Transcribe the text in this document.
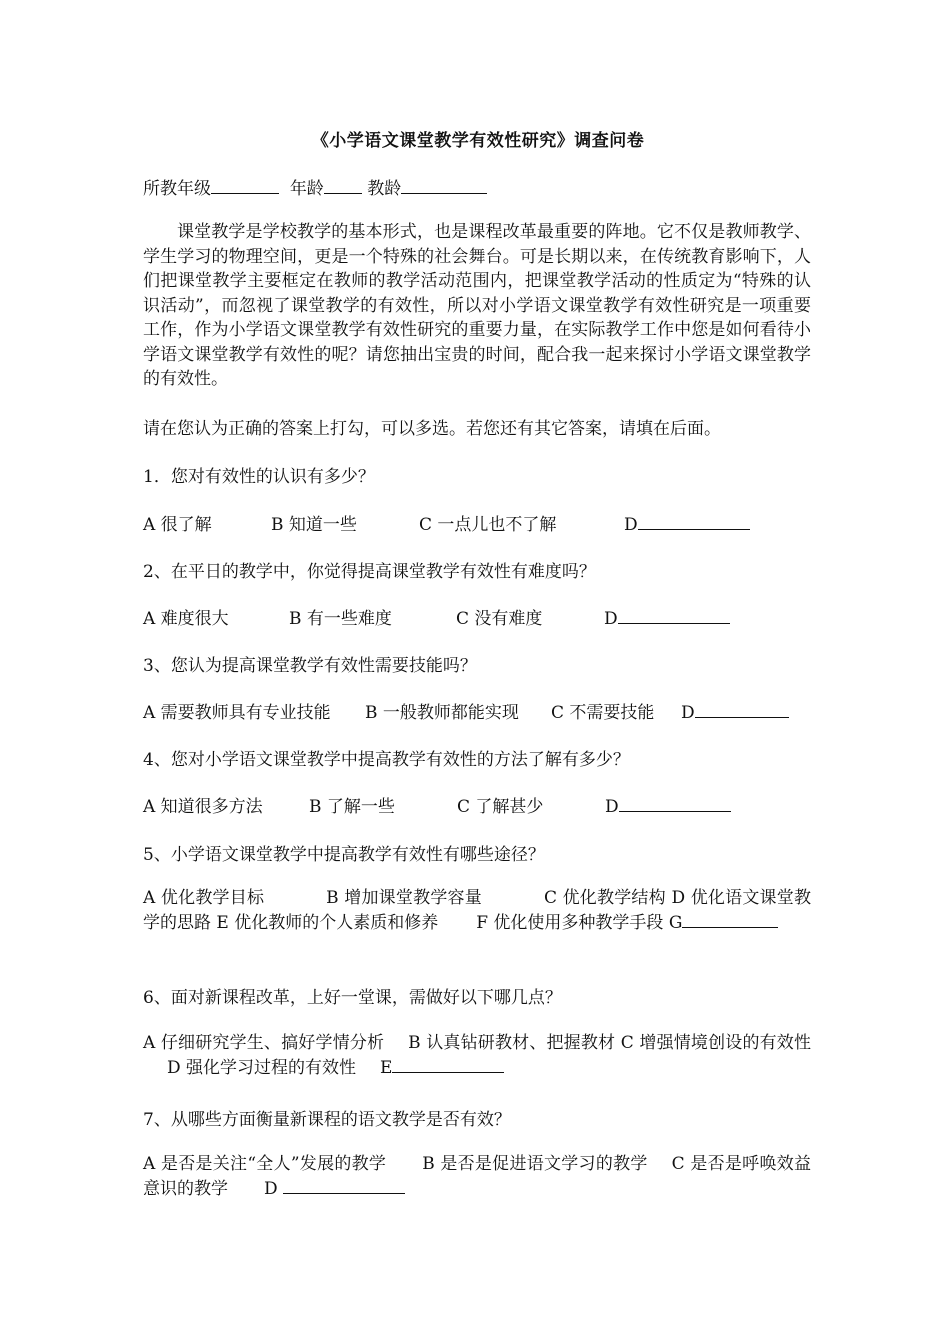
《小学语文课堂教学有效性研究》调查问卷
所教年级	年龄	教龄

课堂教学是学校教学的基本形式，也是课程改革最重要的阵地。它不仅是教师教学、学生学习的物理空间，更是一个特殊的社会舞台。可是长期以来，在传统教育影响下，人们把课堂教学主要框定在教师的教学活动范围内，把课堂教学活动的性质定为“特殊的认识活动”，而忽视了课堂教学的有效性，所以对小学语文课堂教学有效性研究是一项重要工作，作为小学语文课堂教学有效性研究的重要力量，在实际教学工作中您是如何看待小学语文课堂教学有效性的呢？请您抽出宝贵的时间，配合我一起来探讨小学语文课堂教学的有效性。

请在您认为正确的答案上打勾，可以多选。若您还有其它答案，请填在后面。
1．您对有效性的认识有多少？
A 很了解	B 知道一些	C 一点儿也不了解	D
2、在平日的教学中，你觉得提高课堂教学有效性有难度吗？
A 难度很大	B 有一些难度	C 没有难度	D
3、您认为提高课堂教学有效性需要技能吗？
A 需要教师具有专业技能 B 一般教师都能实现 C 不需要技能 D
4、您对小学语文课堂教学中提高教学有效性的方法了解有多少？
A 知道很多方法	B 了解一些	C 了解甚少	D
5、小学语文课堂教学中提高教学有效性有哪些途径？
A 优化教学目标	B 增加课堂教学容量	C 优化教学结构 D 优化语文课堂教学的思路 E 优化教师的个人素质和修养 F 优化使用多种教学手段 G
6、面对新课程改革，上好一堂课，需做好以下哪几点？
A 仔细研究学生、搞好学情分析 B 认真钻研教材、把握教材 C 增强情境创设的有效性D 强化学习过程的有效性 E
7、从哪些方面衡量新课程的语文教学是否有效？
A 是否是关注“全人”发展的教学 B 是否是促进语文学习的教学 C 是否是呼唤效益意识的教学 D
